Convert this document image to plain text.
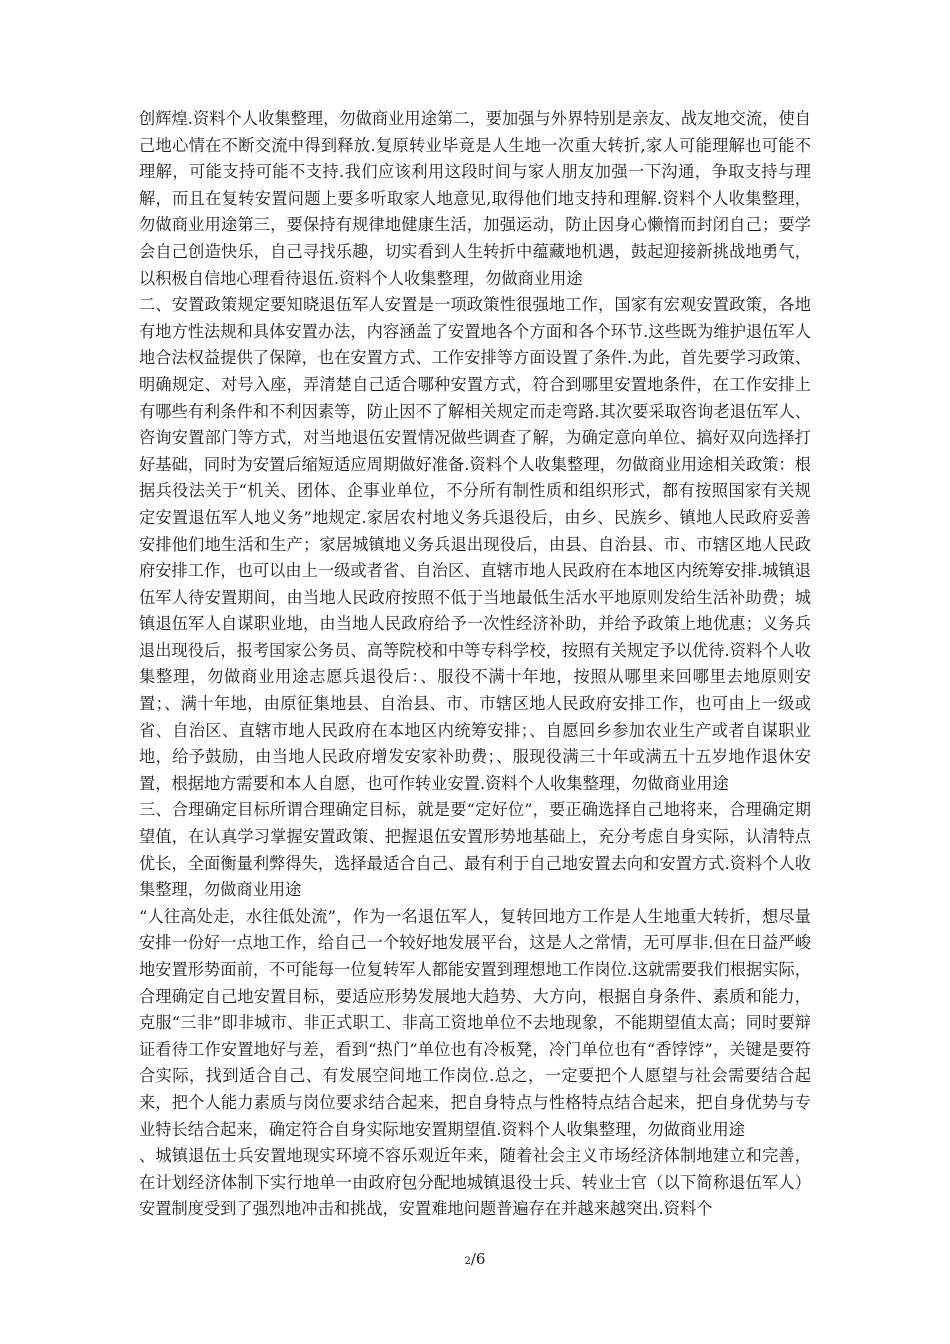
创辉煌.资料个人收集整理，勿做商业用途第二，要加强与外界特别是亲友、战友地交流，使自己地心情在不断交流中得到释放.复原转业毕竟是人生地一次重大转折,家人可能理解也可能不理解，可能支持可能不支持.我们应该利用这段时间与家人朋友加强一下沟通，争取支持与理解，而且在复转安置问题上要多听取家人地意见,取得他们地支持和理解.资料个人收集整理，勿做商业用途第三，要保持有规律地健康生活，加强运动，防止因身心懒惰而封闭自己；要学会自己创造快乐，自己寻找乐趣，切实看到人生转折中蕴藏地机遇，鼓起迎接新挑战地勇气，以积极自信地心理看待退伍.资料个人收集整理，勿做商业用途

二、安置政策规定要知晓退伍军人安置是一项政策性很强地工作，国家有宏观安置政策，各地有地方性法规和具体安置办法，内容涵盖了安置地各个方面和各个环节.这些既为维护退伍军人地合法权益提供了保障，也在安置方式、工作安排等方面设置了条件.为此，首先要学习政策、明确规定、对号入座，弄清楚自己适合哪种安置方式，符合到哪里安置地条件，在工作安排上有哪些有利条件和不利因素等，防止因不了解相关规定而走弯路.其次要采取咨询老退伍军人、咨询安置部门等方式，对当地退伍安置情况做些调查了解，为确定意向单位、搞好双向选择打好基础，同时为安置后缩短适应周期做好准备.资料个人收集整理，勿做商业用途相关政策：根据兵役法关于“机关、团体、企事业单位，不分所有制性质和组织形式，都有按照国家有关规定安置退伍军人地义务”地规定.家居农村地义务兵退役后，由乡、民族乡、镇地人民政府妥善安排他们地生活和生产；家居城镇地义务兵退出现役后，由县、自治县、市、市辖区地人民政府安排工作，也可以由上一级或者省、自治区、直辖市地人民政府在本地区内统筹安排.城镇退伍军人待安置期间，由当地人民政府按照不低于当地最低生活水平地原则发给生活补助费；城镇退伍军人自谋职业地，由当地人民政府给予一次性经济补助，并给予政策上地优惠；义务兵退出现役后，报考国家公务员、高等院校和中等专科学校，按照有关规定予以优待.资料个人收集整理，勿做商业用途志愿兵退役后：、服役不满十年地，按照从哪里来回哪里去地原则安置；、满十年地，由原征集地县、自治县、市、市辖区地人民政府安排工作，也可由上一级或省、自治区、直辖市地人民政府在本地区内统筹安排；、自愿回乡参加农业生产或者自谋职业地，给予鼓励，由当地人民政府增发安家补助费；、服现役满三十年或满五十五岁地作退休安置，根据地方需要和本人自愿，也可作转业安置.资料个人收集整理，勿做商业用途

三、合理确定目标所谓合理确定目标，就是要“定好位”，要正确选择自己地将来，合理确定期望值，在认真学习掌握安置政策、把握退伍安置形势地基础上，充分考虑自身实际，认清特点优长，全面衡量利弊得失，选择最适合自己、最有利于自己地安置去向和安置方式.资料个人收集整理，勿做商业用途

“人往高处走，水往低处流”，作为一名退伍军人，复转回地方工作是人生地重大转折，想尽量安排一份好一点地工作，给自己一个较好地发展平台，这是人之常情，无可厚非.但在日益严峻地安置形势面前，不可能每一位复转军人都能安置到理想地工作岗位.这就需要我们根据实际，合理确定自己地安置目标，要适应形势发展地大趋势、大方向，根据自身条件、素质和能力，克服“三非”即非城市、非正式职工、非高工资地单位不去地现象，不能期望值太高；同时要辩证看待工作安置地好与差，看到“热门”单位也有冷板凳，冷门单位也有“香饽饽”，关键是要符合实际，找到适合自己、有发展空间地工作岗位.总之，一定要把个人愿望与社会需要结合起来，把个人能力素质与岗位要求结合起来，把自身特点与性格特点结合起来，把自身优势与专业特长结合起来，确定符合自身实际地安置期望值.资料个人收集整理，勿做商业用途

、城镇退伍士兵安置地现实环境不容乐观近年来，随着社会主义市场经济体制地建立和完善，在计划经济体制下实行地单一由政府包分配地城镇退役士兵、转业士官（以下简称退伍军人）安置制度受到了强烈地冲击和挑战，安置难地问题普遍存在并越来越突出.资料个

2/6
